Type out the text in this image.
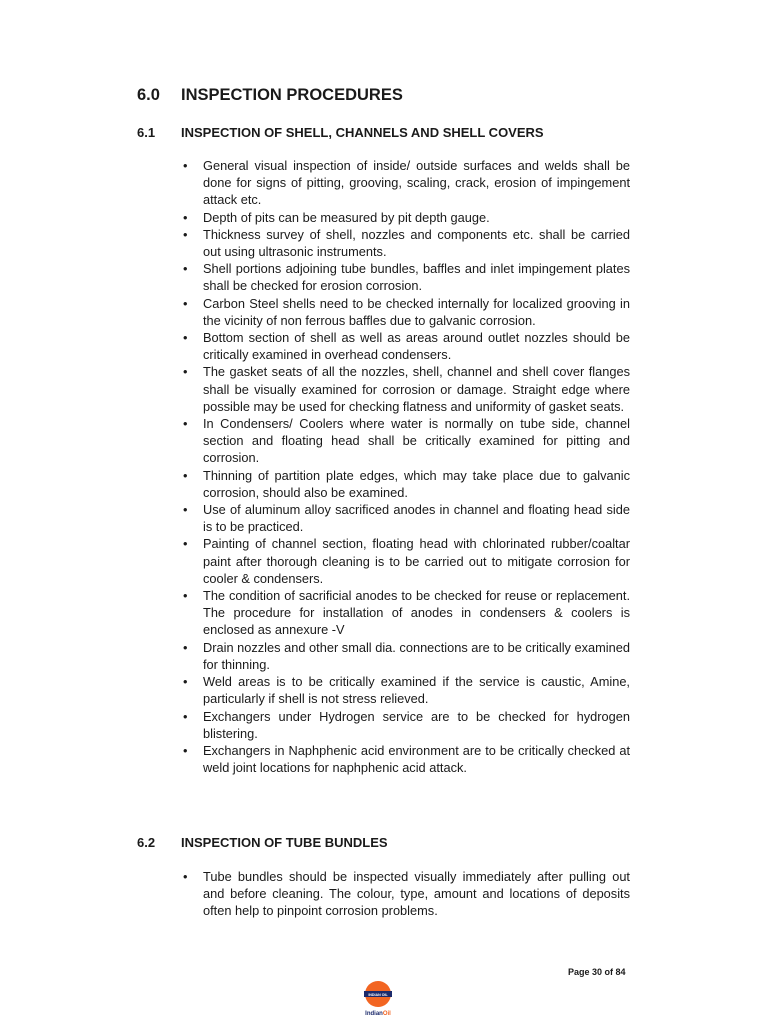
6.0 INSPECTION PROCEDURES
6.1 INSPECTION OF SHELL, CHANNELS AND SHELL COVERS
• General visual inspection of inside/ outside surfaces and welds shall be done for signs of pitting, grooving, scaling, crack, erosion of impingement attack etc.
• Depth of pits can be measured by pit depth gauge.
• Thickness survey of shell, nozzles and components etc. shall be carried out using ultrasonic instruments.
• Shell portions adjoining tube bundles, baffles and inlet impingement plates shall be checked for erosion corrosion.
• Carbon Steel shells need to be checked internally for localized grooving in the vicinity of non ferrous baffles due to galvanic corrosion.
• Bottom section of shell as well as areas around outlet nozzles should be critically examined in overhead condensers.
• The gasket seats of all the nozzles, shell, channel and shell cover flanges shall be visually examined for corrosion or damage. Straight edge where possible may be used for checking flatness and uniformity of gasket seats.
• In Condensers/ Coolers where water is normally on tube side, channel section and floating head shall be critically examined for pitting and corrosion.
• Thinning of partition plate edges, which may take place due to galvanic corrosion, should also be examined.
• Use of aluminum alloy sacrificed anodes in channel and floating head side is to be practiced.
• Painting of channel section, floating head with chlorinated rubber/coaltar paint after thorough cleaning is to be carried out to mitigate corrosion for cooler & condensers.
• The condition of sacrificial anodes to be checked for reuse or replacement. The procedure for installation of anodes in condensers & coolers is enclosed as annexure -V
• Drain nozzles and other small dia. connections are to be critically examined for thinning.
• Weld areas is to be critically examined if the service is caustic, Amine, particularly if shell is not stress relieved.
• Exchangers under Hydrogen service are to be checked for hydrogen blistering.
• Exchangers in Naphphenic acid environment are to be critically checked at weld joint locations for naphphenic acid attack.
6.2 INSPECTION OF TUBE BUNDLES
• Tube bundles should be inspected visually immediately after pulling out and before cleaning. The colour, type, amount and locations of deposits often help to pinpoint corrosion problems.

Page 30 of 84

INDIAN OIL
IndianOil
